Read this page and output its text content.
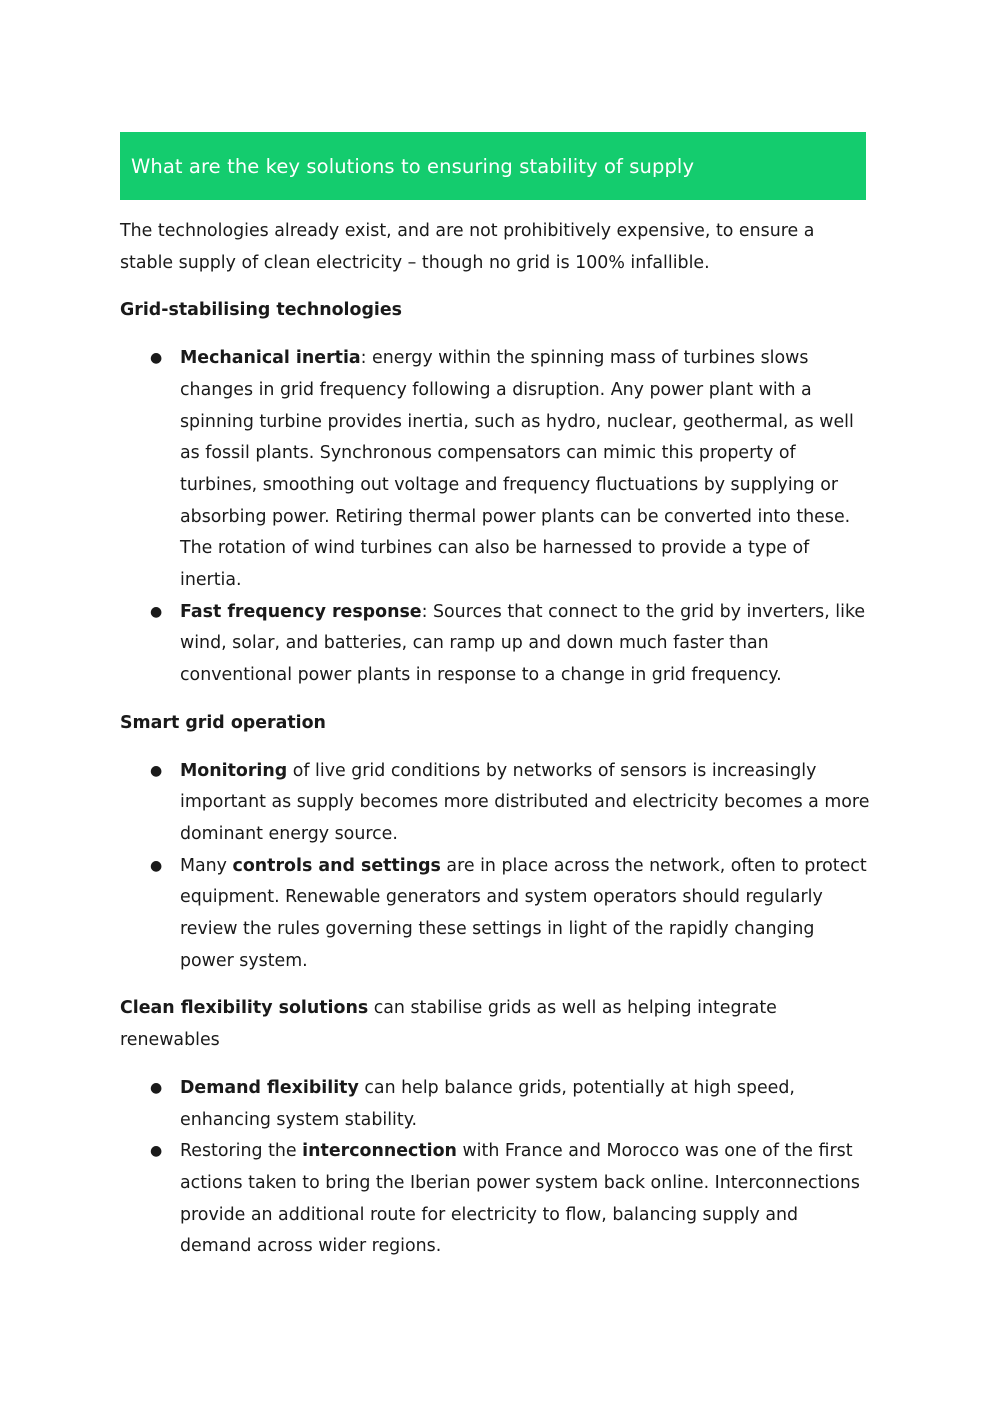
What are the key solutions to ensuring stability of supply

The technologies already exist, and are not prohibitively expensive, to ensure a stable supply of clean electricity – though no grid is 100% infallible.

Grid-stabilising technologies

● Mechanical inertia: energy within the spinning mass of turbines slows changes in grid frequency following a disruption. Any power plant with a spinning turbine provides inertia, such as hydro, nuclear, geothermal, as well as fossil plants. Synchronous compensators can mimic this property of turbines, smoothing out voltage and frequency fluctuations by supplying or absorbing power. Retiring thermal power plants can be converted into these. The rotation of wind turbines can also be harnessed to provide a type of inertia.
● Fast frequency response: Sources that connect to the grid by inverters, like wind, solar, and batteries, can ramp up and down much faster than conventional power plants in response to a change in grid frequency.

Smart grid operation

● Monitoring of live grid conditions by networks of sensors is increasingly important as supply becomes more distributed and electricity becomes a more dominant energy source.
● Many controls and settings are in place across the network, often to protect equipment. Renewable generators and system operators should regularly review the rules governing these settings in light of the rapidly changing power system.

Clean flexibility solutions can stabilise grids as well as helping integrate renewables

● Demand flexibility can help balance grids, potentially at high speed, enhancing system stability.
● Restoring the interconnection with France and Morocco was one of the first actions taken to bring the Iberian power system back online. Interconnections provide an additional route for electricity to flow, balancing supply and demand across wider regions.
